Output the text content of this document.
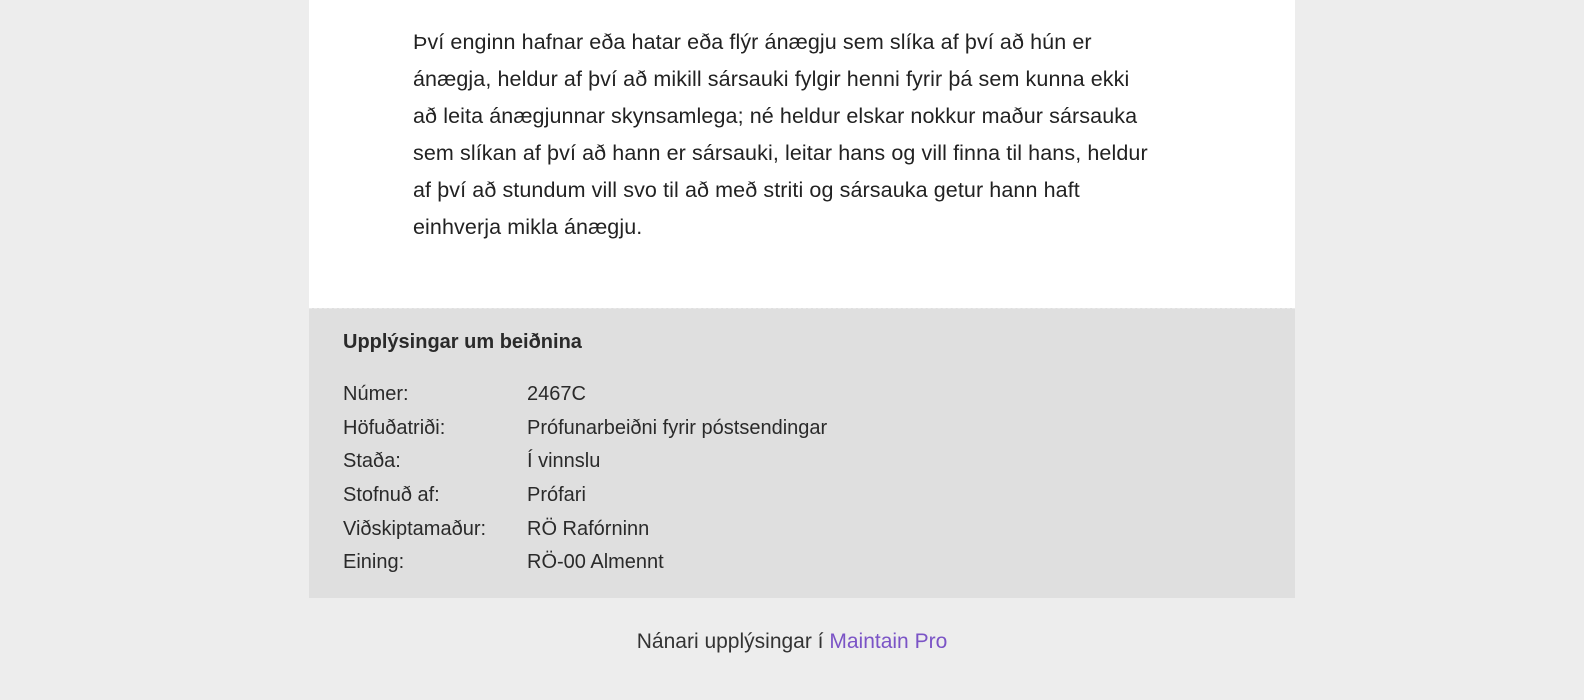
Því enginn hafnar eða hatar eða flýr ánægju sem slíka af því að hún er ánægja, heldur af því að mikill sársauki fylgir henni fyrir þá sem kunna ekki að leita ánægjunnar skynsamlega; né heldur elskar nokkur maður sársauka sem slíkan af því að hann er sársauki, leitar hans og vill finna til hans, heldur af því að stundum vill svo til að með striti og sársauka getur hann haft einhverja mikla ánægju.

Upplýsingar um beiðnina
Númer:	2467C
Höfuðatriði:	Prófunarbeiðni fyrir póstsendingar
Staða:	Í vinnslu
Stofnuð af:	Prófari
Viðskiptamaður:	RÖ Rafórninn
Eining:	RÖ-00 Almennt
Nánari upplýsingar í Maintain Pro
